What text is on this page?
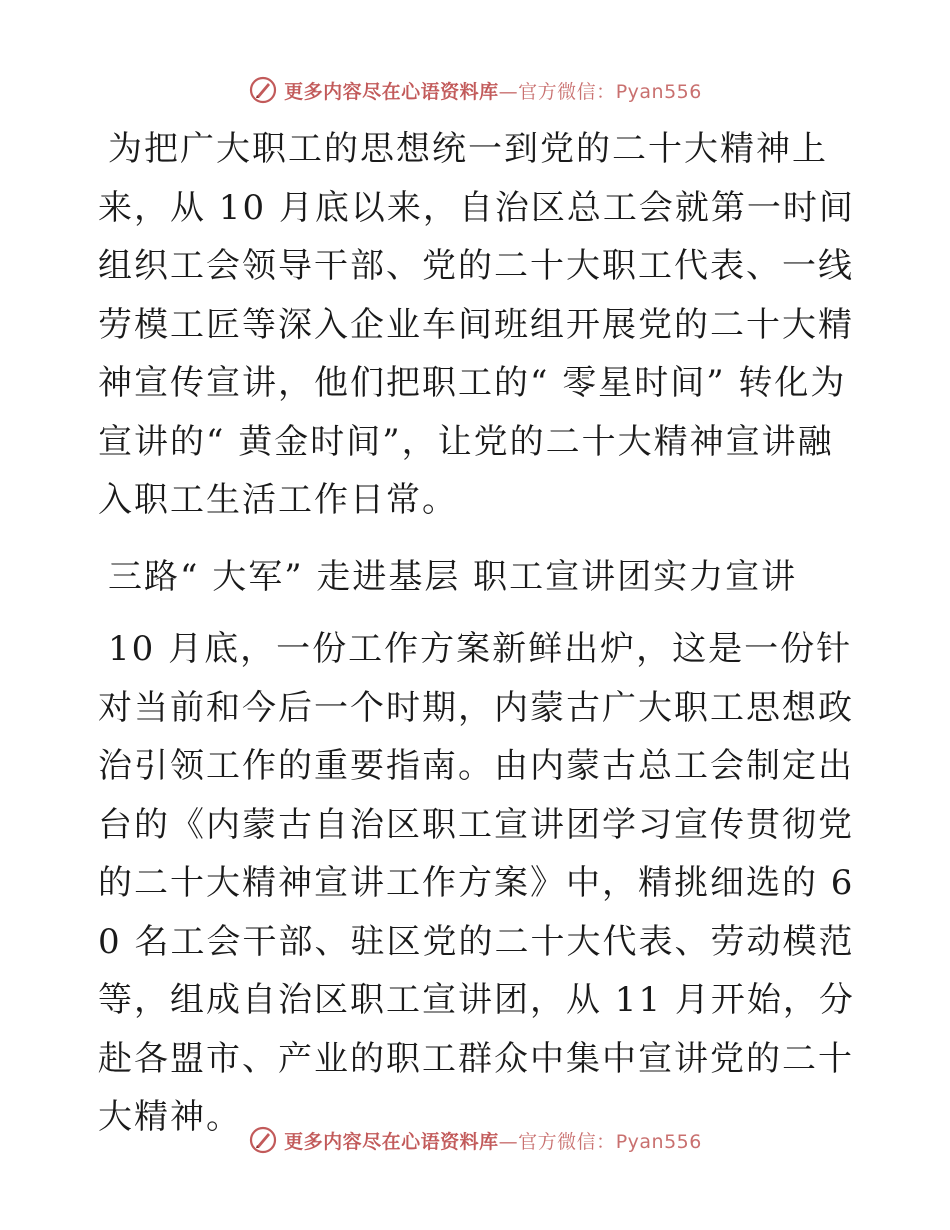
更多内容尽在心语资料库—官方微信：Pyan556

为把广大职工的思想统一到党的二十大精神上来，从 10 月底以来，自治区总工会就第一时间组织工会领导干部、党的二十大职工代表、一线劳模工匠等深入企业车间班组开展党的二十大精神宣传宣讲，他们把职工的“ 零星时间” 转化为宣讲的“ 黄金时间”，让党的二十大精神宣讲融入职工生活工作日常。

三路“ 大军” 走进基层 职工宣讲团实力宣讲

10 月底，一份工作方案新鲜出炉，这是一份针对当前和今后一个时期，内蒙古广大职工思想政治引领工作的重要指南。由内蒙古总工会制定出台的《内蒙古自治区职工宣讲团学习宣传贯彻党的二十大精神宣讲工作方案》中，精挑细选的 60 名工会干部、驻区党的二十大代表、劳动模范等，组成自治区职工宣讲团，从 11 月开始，分赴各盟市、产业的职工群众中集中宣讲党的二十大精神。

更多内容尽在心语资料库—官方微信：Pyan556
